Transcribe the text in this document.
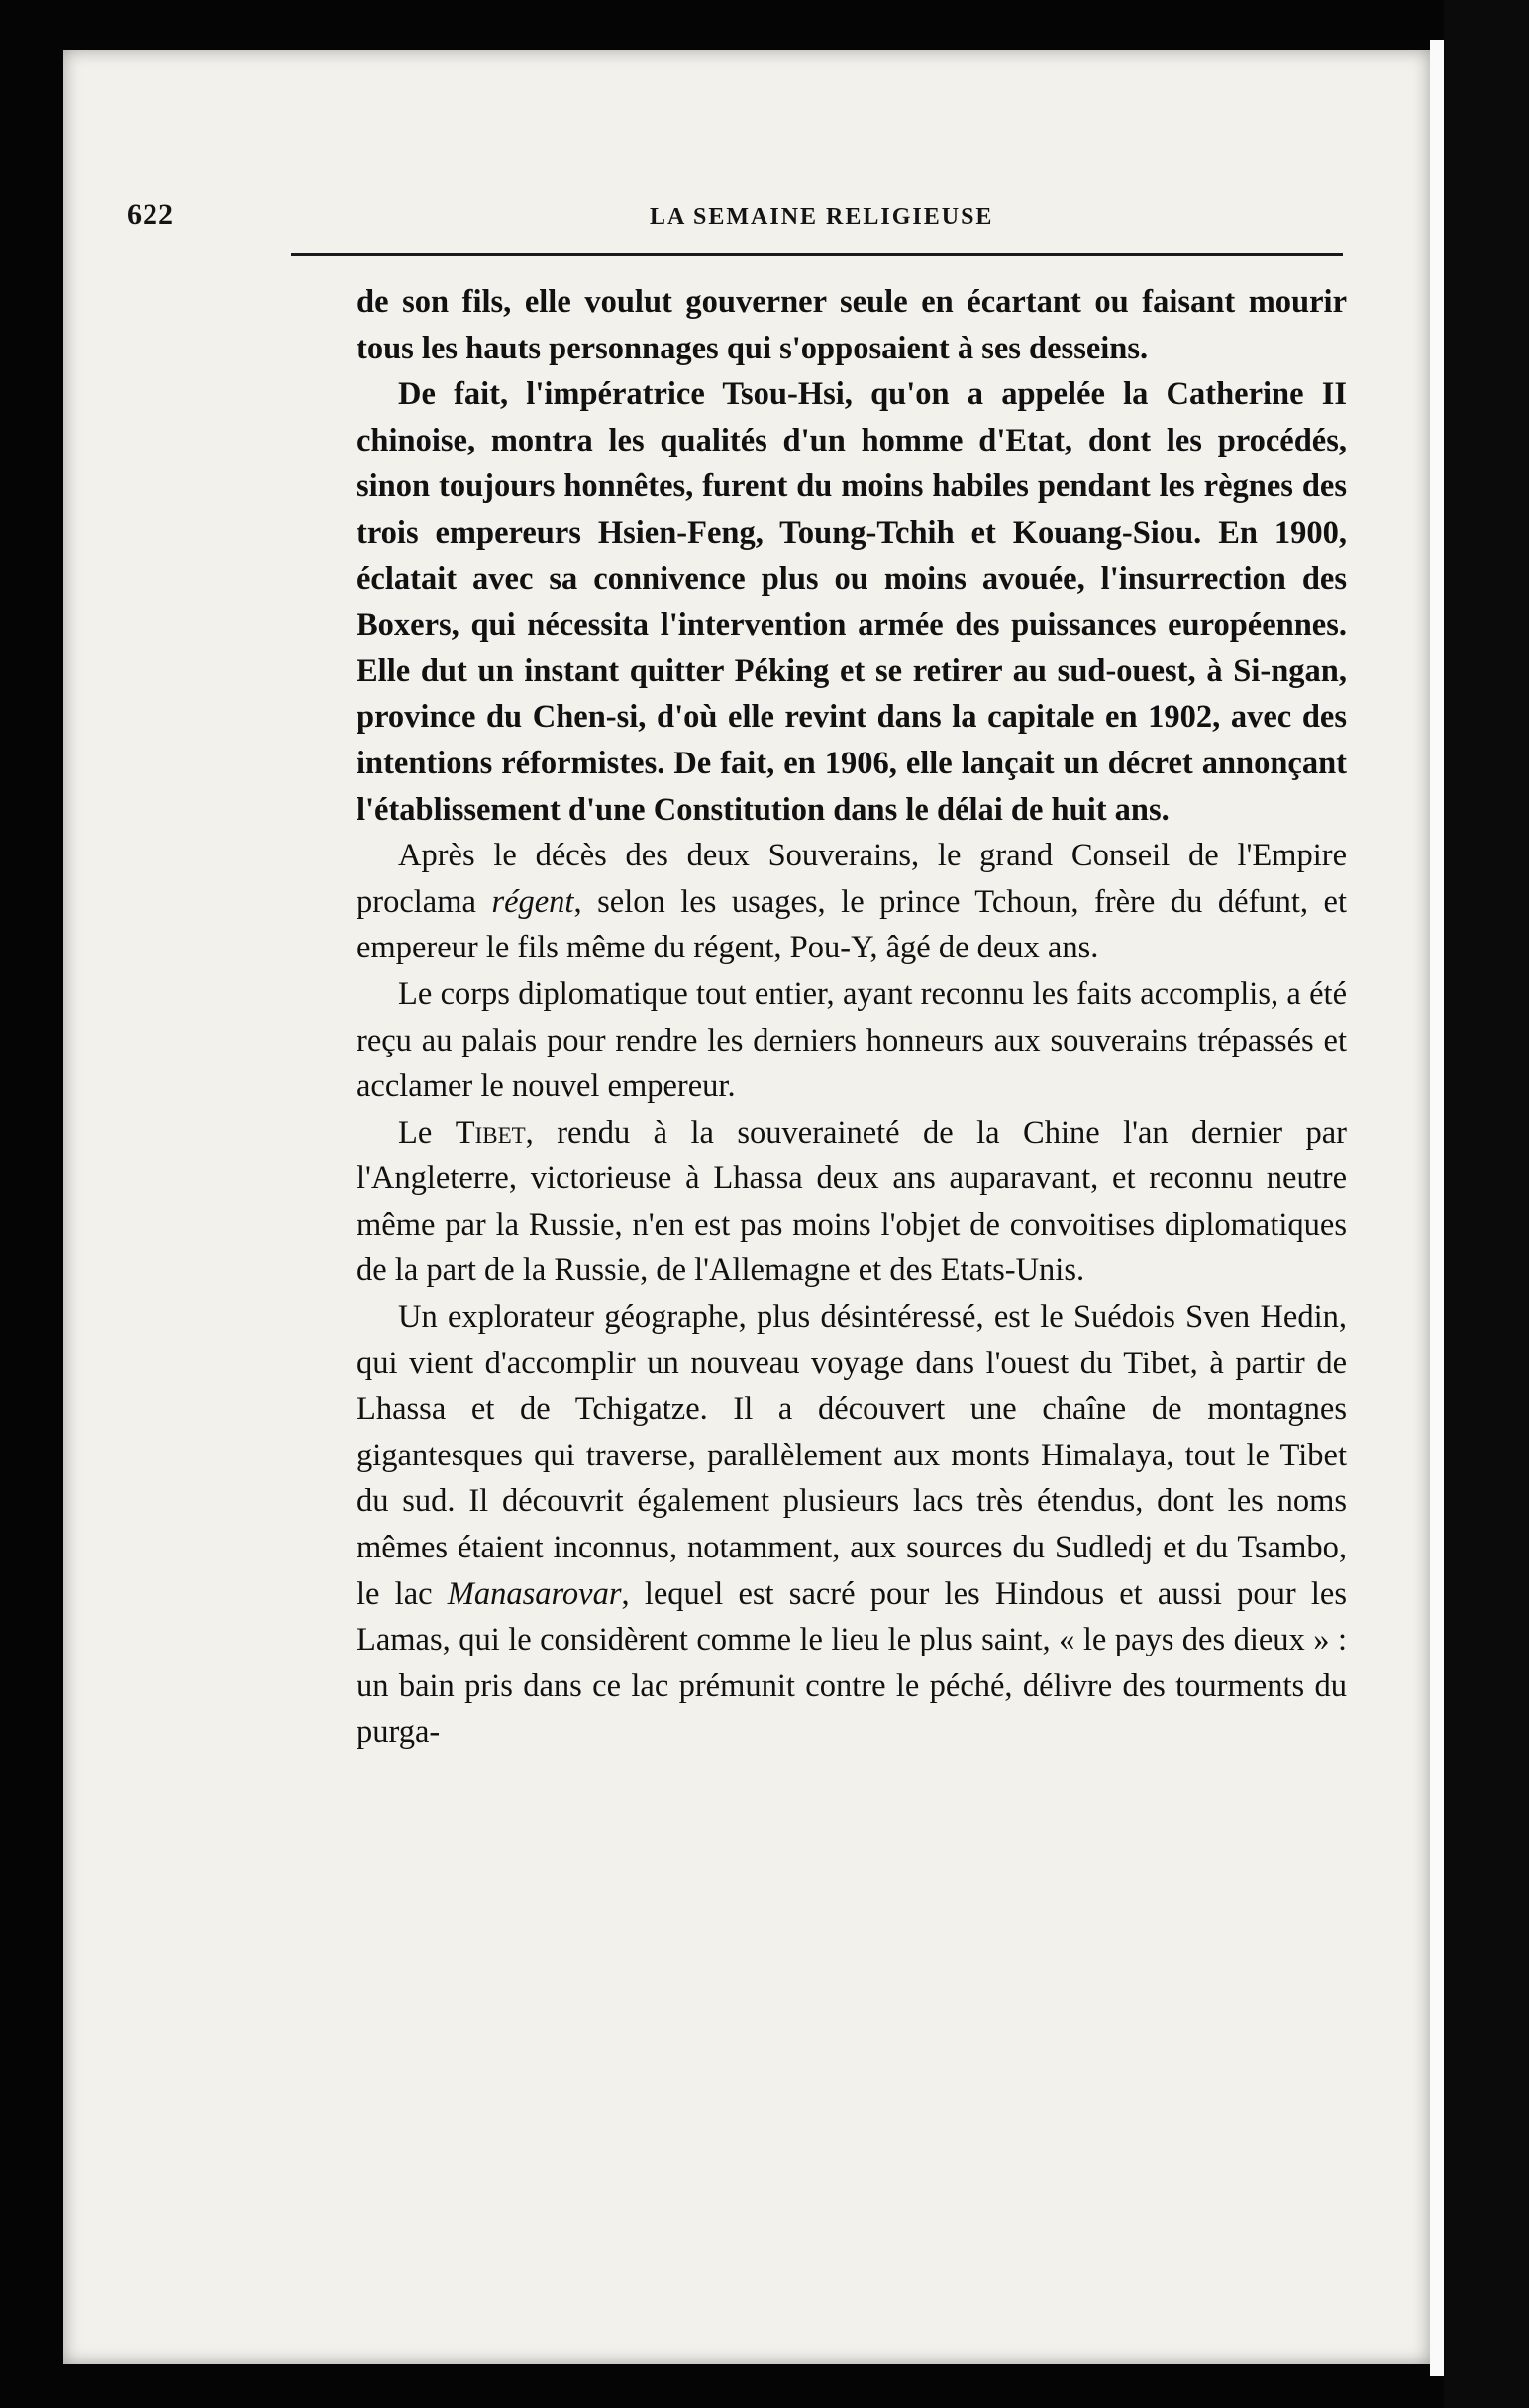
622	LA SEMAINE RELIGIEUSE

de son fils, elle voulut gouverner seule en écartant ou faisant mourir tous les hauts personnages qui s'opposaient à ses desseins.

De fait, l'impératrice Tsou-Hsi, qu'on a appelée la Catherine II chinoise, montra les qualités d'un homme d'Etat, dont les procédés, sinon toujours honnêtes, furent du moins habiles pendant les règnes des trois empereurs Hsien-Feng, Toung-Tchih et Kouang-Siou. En 1900, éclatait avec sa connivence plus ou moins avouée, l'insurrection des Boxers, qui nécessita l'intervention armée des puissances européennes. Elle dut un instant quitter Péking et se retirer au sud-ouest, à Si-ngan, province du Chen-si, d'où elle revint dans la capitale en 1902, avec des intentions réformistes. De fait, en 1906, elle lançait un décret annonçant l'établissement d'une Constitution dans le délai de huit ans.

Après le décès des deux Souverains, le grand Conseil de l'Empire proclama régent, selon les usages, le prince Tchoun, frère du défunt, et empereur le fils même du régent, Pou-Y, âgé de deux ans.

Le corps diplomatique tout entier, ayant reconnu les faits accomplis, a été reçu au palais pour rendre les derniers honneurs aux souverains trépassés et acclamer le nouvel empereur.

Le Tibet, rendu à la souveraineté de la Chine l'an dernier par l'Angleterre, victorieuse à Lhassa deux ans auparavant, et reconnu neutre même par la Russie, n'en est pas moins l'objet de convoitises diplomatiques de la part de la Russie, de l'Allemagne et des Etats-Unis.

Un explorateur géographe, plus désintéressé, est le Suédois Sven Hedin, qui vient d'accomplir un nouveau voyage dans l'ouest du Tibet, à partir de Lhassa et de Tchigatze. Il a découvert une chaîne de montagnes gigantesques qui traverse, parallèlement aux monts Himalaya, tout le Tibet du sud. Il découvrit également plusieurs lacs très étendus, dont les noms mêmes étaient inconnus, notamment, aux sources du Sudledj et du Tsambo, le lac Manasarovar, lequel est sacré pour les Hindous et aussi pour les Lamas, qui le considèrent comme le lieu le plus saint, « le pays des dieux » : un bain pris dans ce lac prémunit contre le péché, délivre des tourments du purga-
